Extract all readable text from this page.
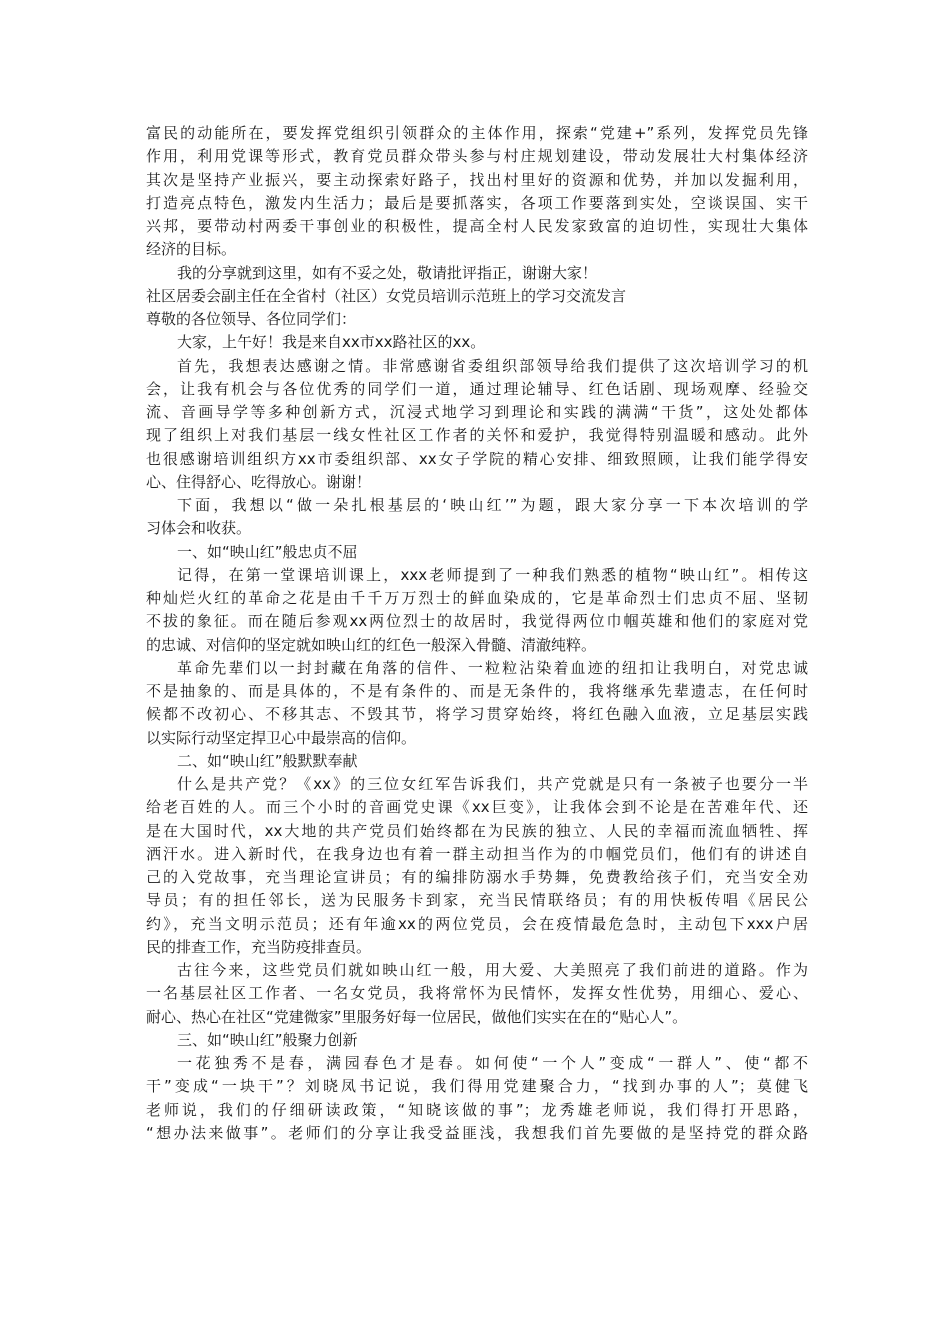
富民的动能所在，要发挥党组织引领群众的主体作用，探索“党建+”系列，发挥党员先锋
作用，利用党课等形式，教育党员群众带头参与村庄规划建设，带动发展壮大村集体经济
其次是坚持产业振兴，要主动探索好路子，找出村里好的资源和优势，并加以发掘利用，
打造亮点特色，激发内生活力；最后是要抓落实，各项工作要落到实处，空谈误国、实干
兴邦，要带动村两委干事创业的积极性，提高全村人民发家致富的迫切性，实现壮大集体
经济的目标。
我的分享就到这里，如有不妥之处，敬请批评指正，谢谢大家！
社区居委会副主任在全省村（社区）女党员培训示范班上的学习交流发言
尊敬的各位领导、各位同学们：
大家，上午好！我是来自xx市xx路社区的xx。
首先，我想表达感谢之情。非常感谢省委组织部领导给我们提供了这次培训学习的机
会，让我有机会与各位优秀的同学们一道，通过理论辅导、红色话剧、现场观摩、经验交
流、音画导学等多种创新方式，沉浸式地学习到理论和实践的满满“干货”，这处处都体
现了组织上对我们基层一线女性社区工作者的关怀和爱护，我觉得特别温暖和感动。此外
也很感谢培训组织方xx市委组织部、xx女子学院的精心安排、细致照顾，让我们能学得安
心、住得舒心、吃得放心。谢谢！
下面，我想以“做一朵扎根基层的‘映山红’”为题，跟大家分享一下本次培训的学
习体会和收获。
一、如“映山红”般忠贞不屈
记得，在第一堂课培训课上，xxx老师提到了一种我们熟悉的植物“映山红”。相传这
种灿烂火红的革命之花是由千千万万烈士的鲜血染成的，它是革命烈士们忠贞不屈、坚韧
不拔的象征。而在随后参观xx两位烈士的故居时，我觉得两位巾帼英雄和他们的家庭对党
的忠诚、对信仰的坚定就如映山红的红色一般深入骨髓、清澈纯粹。
革命先辈们以一封封藏在角落的信件、一粒粒沾染着血迹的纽扣让我明白，对党忠诚
不是抽象的、而是具体的，不是有条件的、而是无条件的，我将继承先辈遗志，在任何时
候都不改初心、不移其志、不毁其节，将学习贯穿始终，将红色融入血液，立足基层实践
以实际行动坚定捍卫心中最崇高的信仰。
二、如“映山红”般默默奉献
什么是共产党？《xx》的三位女红军告诉我们，共产党就是只有一条被子也要分一半
给老百姓的人。而三个小时的音画党史课《xx巨变》，让我体会到不论是在苦难年代、还
是在大国时代，xx大地的共产党员们始终都在为民族的独立、人民的幸福而流血牺牲、挥
洒汗水。进入新时代，在我身边也有着一群主动担当作为的巾帼党员们，他们有的讲述自
己的入党故事，充当理论宣讲员；有的编排防溺水手势舞，免费教给孩子们，充当安全劝
导员；有的担任邻长，送为民服务卡到家，充当民情联络员；有的用快板传唱《居民公
约》，充当文明示范员；还有年逾xx的两位党员，会在疫情最危急时，主动包下xxx户居
民的排查工作，充当防疫排查员。
古往今来，这些党员们就如映山红一般，用大爱、大美照亮了我们前进的道路。作为
一名基层社区工作者、一名女党员，我将常怀为民情怀，发挥女性优势，用细心、爱心、
耐心、热心在社区“党建微家”里服务好每一位居民，做他们实实在在的“贴心人”。
三、如“映山红”般聚力创新
一花独秀不是春，满园春色才是春。如何使“一个人”变成“一群人”、使“都不
干”变成“一块干”？刘晓凤书记说，我们得用党建聚合力，“找到办事的人”；莫健飞
老师说，我们的仔细研读政策，“知晓该做的事”；龙秀雄老师说，我们得打开思路，
“想办法来做事”。老师们的分享让我受益匪浅，我想我们首先要做的是坚持党的群众路
